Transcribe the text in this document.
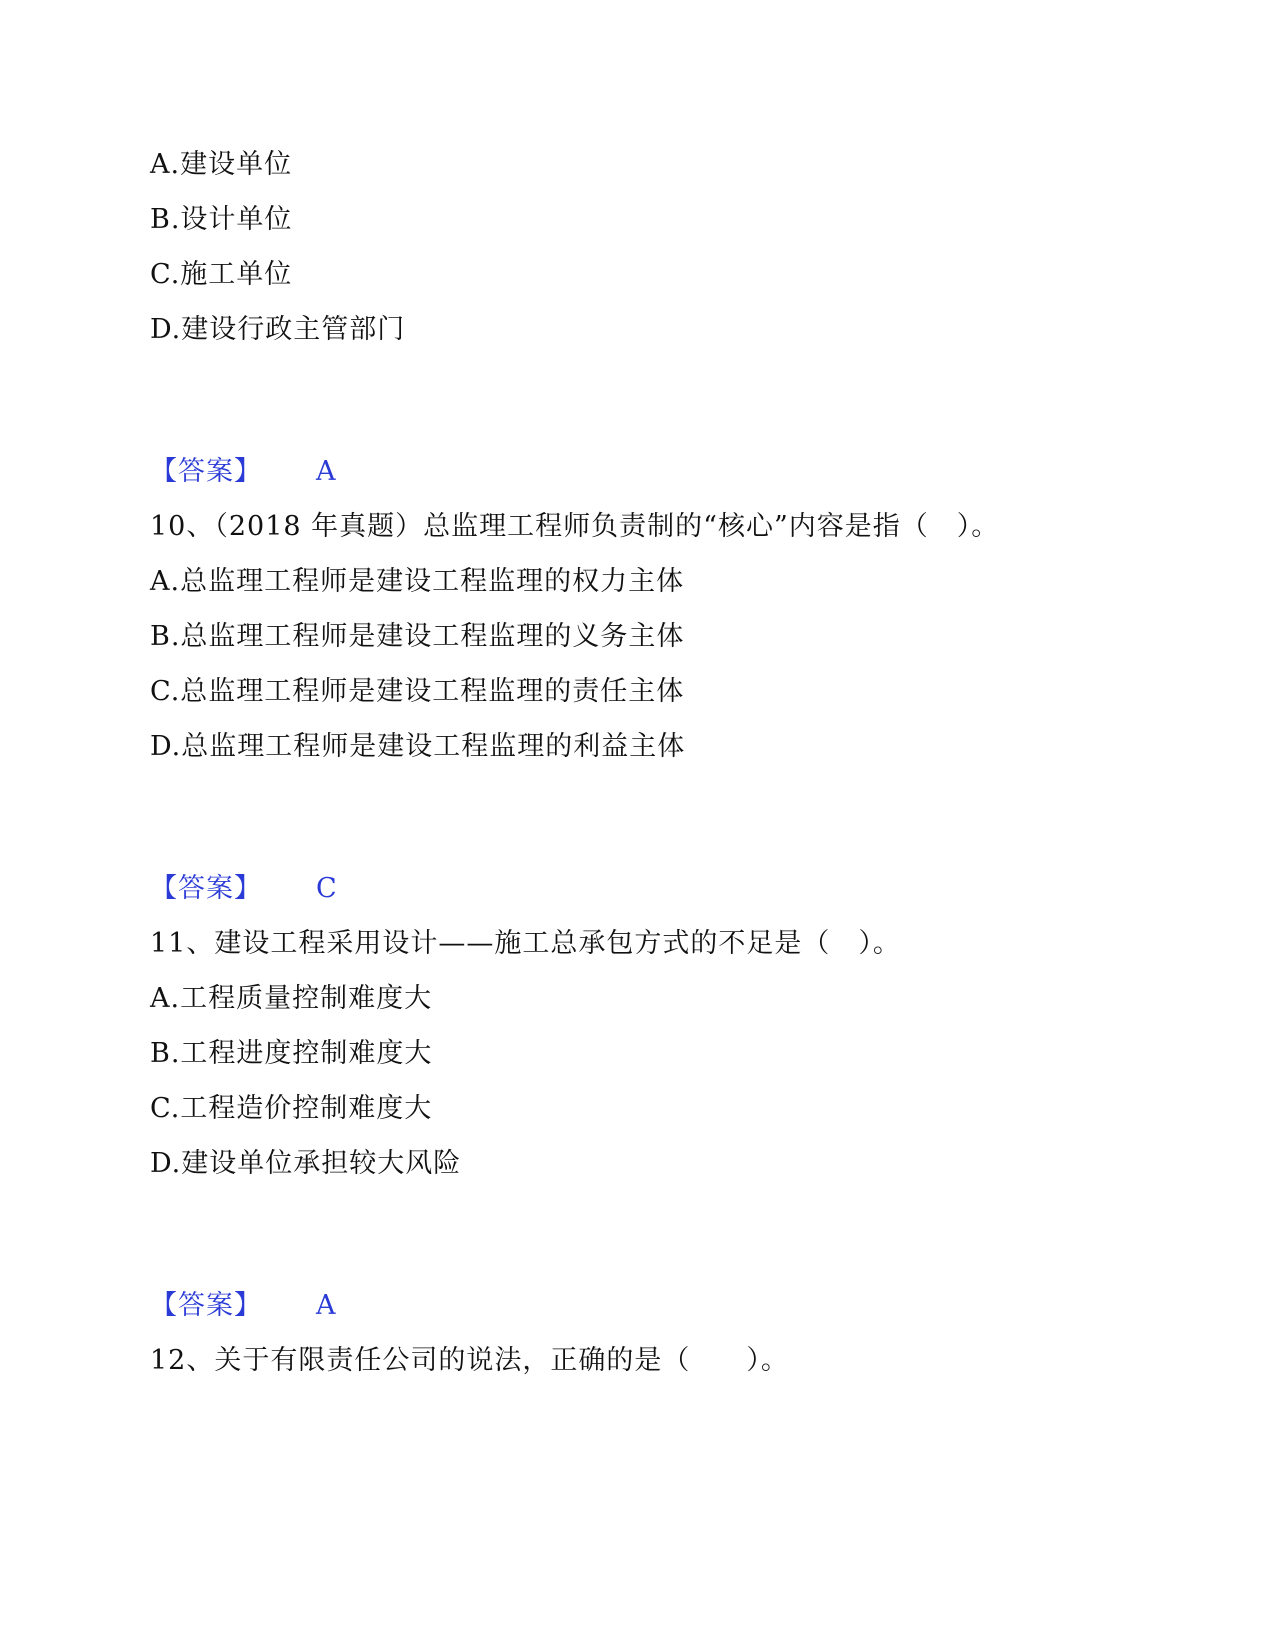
A.建设单位
B.设计单位
C.施工单位
D.建设行政主管部门
【答案】 A
10、（2018 年真题）总监理工程师负责制的“核心”内容是指（　）。
A.总监理工程师是建设工程监理的权力主体
B.总监理工程师是建设工程监理的义务主体
C.总监理工程师是建设工程监理的责任主体
D.总监理工程师是建设工程监理的利益主体
【答案】 C
11、建设工程采用设计——施工总承包方式的不足是（　）。
A.工程质量控制难度大
B.工程进度控制难度大
C.工程造价控制难度大
D.建设单位承担较大风险
【答案】 A
12、关于有限责任公司的说法，正确的是（　　）。
